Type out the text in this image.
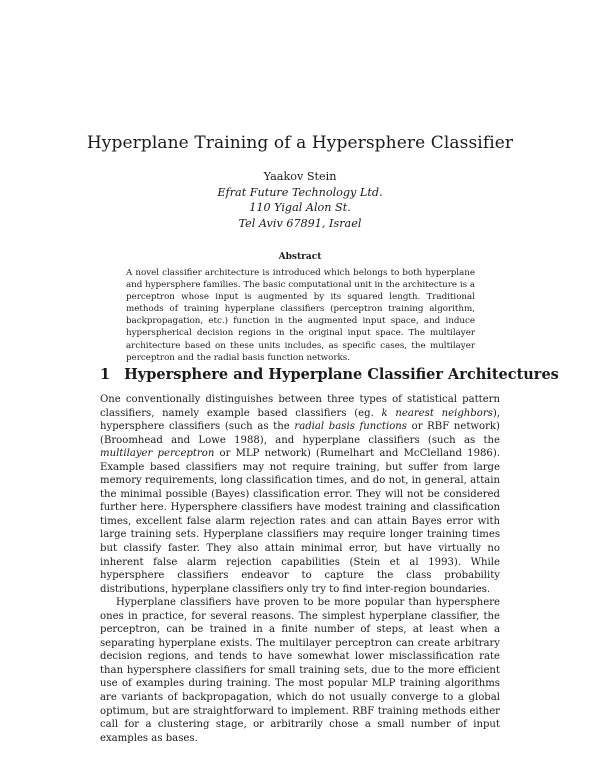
Hyperplane Training of a Hypersphere Classifier
Yaakov Stein
Efrat Future Technology Ltd.
110 Yigal Alon St.
Tel Aviv 67891, Israel
Abstract
A novel classifier architecture is introduced which belongs to both hyperplane and hypersphere families. The basic computational unit in the architecture is a perceptron whose input is augmented by its squared length. Traditional methods of training hyperplane classifiers (perceptron training algorithm, backpropagation, etc.) function in the augmented input space, and induce hyperspherical decision regions in the original input space. The multilayer architecture based on these units includes, as specific cases, the multilayer perceptron and the radial basis function networks.
1 Hypersphere and Hyperplane Classifier Architectures

One conventionally distinguishes between three types of statistical pattern classifiers, namely example based classifiers (eg. k nearest neighbors), hypersphere classifiers (such as the radial basis functions or RBF network) (Broomhead and Lowe 1988), and hyperplane classifiers (such as the multilayer perceptron or MLP network) (Rumelhart and McClelland 1986). Example based classifiers may not require training, but suffer from large memory requirements, long classification times, and do not, in general, attain the minimal possible (Bayes) classification error. They will not be considered further here. Hypersphere classifiers have modest training and classification times, excellent false alarm rejection rates and can attain Bayes error with large training sets. Hyperplane classifiers may require longer training times but classify faster. They also attain minimal error, but have virtually no inherent false alarm rejection capabilities (Stein et al 1993). While hypersphere classifiers endeavor to capture the class probability distributions, hyperplane classifiers only try to find inter-region boundaries.

Hyperplane classifiers have proven to be more popular than hypersphere ones in practice, for several reasons. The simplest hyperplane classifier, the perceptron, can be trained in a finite number of steps, at least when a separating hyperplane exists. The multilayer perceptron can create arbitrary decision regions, and tends to have somewhat lower misclassification rate than hypersphere classifiers for small training sets, due to the more efficient use of examples during training. The most popular MLP training algorithms are variants of backpropagation, which do not usually converge to a global optimum, but are straightforward to implement. RBF training methods either call for a clustering stage, or arbitrarily chose a small number of input examples as bases.
